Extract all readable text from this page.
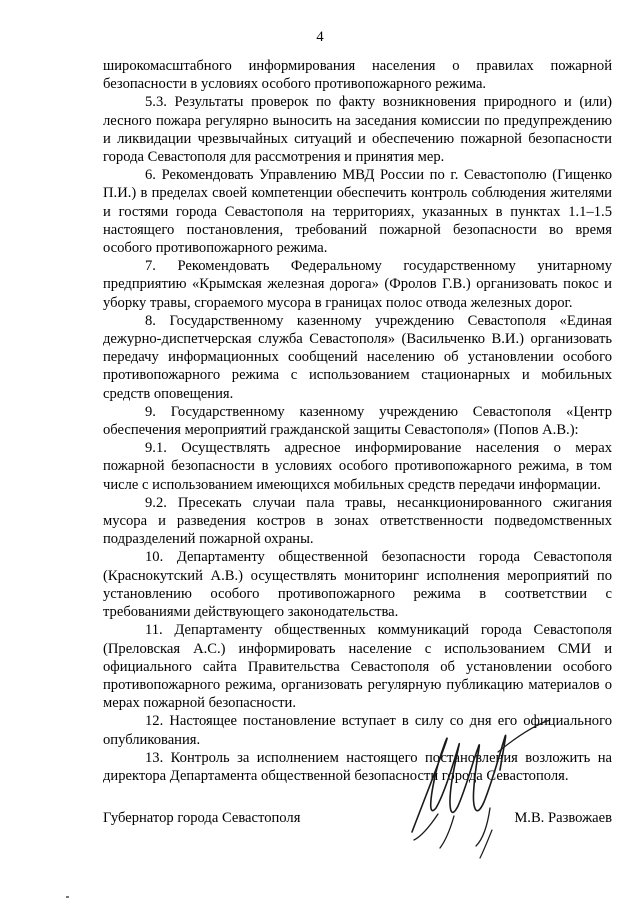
4

широкомасштабного информирования населения о правилах пожарной безопасности в условиях особого противопожарного режима.

5.3. Результаты проверок по факту возникновения природного и (или) лесного пожара регулярно выносить на заседания комиссии по предупреждению и ликвидации чрезвычайных ситуаций и обеспечению пожарной безопасности города Севастополя для рассмотрения и принятия мер.

6. Рекомендовать Управлению МВД России по г. Севастополю (Гищенко П.И.) в пределах своей компетенции обеспечить контроль соблюдения жителями и гостями города Севастополя на территориях, указанных в пунктах 1.1–1.5 настоящего постановления, требований пожарной безопасности во время особого противопожарного режима.

7. Рекомендовать Федеральному государственному унитарному предприятию «Крымская железная дорога» (Фролов Г.В.) организовать покос и уборку травы, сгораемого мусора в границах полос отвода железных дорог.

8. Государственному казенному учреждению Севастополя «Единая дежурно-диспетчерская служба Севастополя» (Васильченко В.И.) организовать передачу информационных сообщений населению об установлении особого противопожарного режима с использованием стационарных и мобильных средств оповещения.

9. Государственному казенному учреждению Севастополя «Центр обеспечения мероприятий гражданской защиты Севастополя» (Попов А.В.):

9.1. Осуществлять адресное информирование населения о мерах пожарной безопасности в условиях особого противопожарного режима, в том числе с использованием имеющихся мобильных средств передачи информации.

9.2. Пресекать случаи пала травы, несанкционированного сжигания мусора и разведения костров в зонах ответственности подведомственных подразделений пожарной охраны.

10. Департаменту общественной безопасности города Севастополя (Краснокутский А.В.) осуществлять мониторинг исполнения мероприятий по установлению особого противопожарного режима в соответствии с требованиями действующего законодательства.

11. Департаменту общественных коммуникаций города Севастополя (Преловская А.С.) информировать население с использованием СМИ и официального сайта Правительства Севастополя об установлении особого противопожарного режима, организовать регулярную публикацию материалов о мерах пожарной безопасности.

12. Настоящее постановление вступает в силу со дня его официального опубликования.

13. Контроль за исполнением настоящего постановления возложить на директора Департамента общественной безопасности города Севастополя.

Губернатор города Севастополя	М.В. Развожаев
